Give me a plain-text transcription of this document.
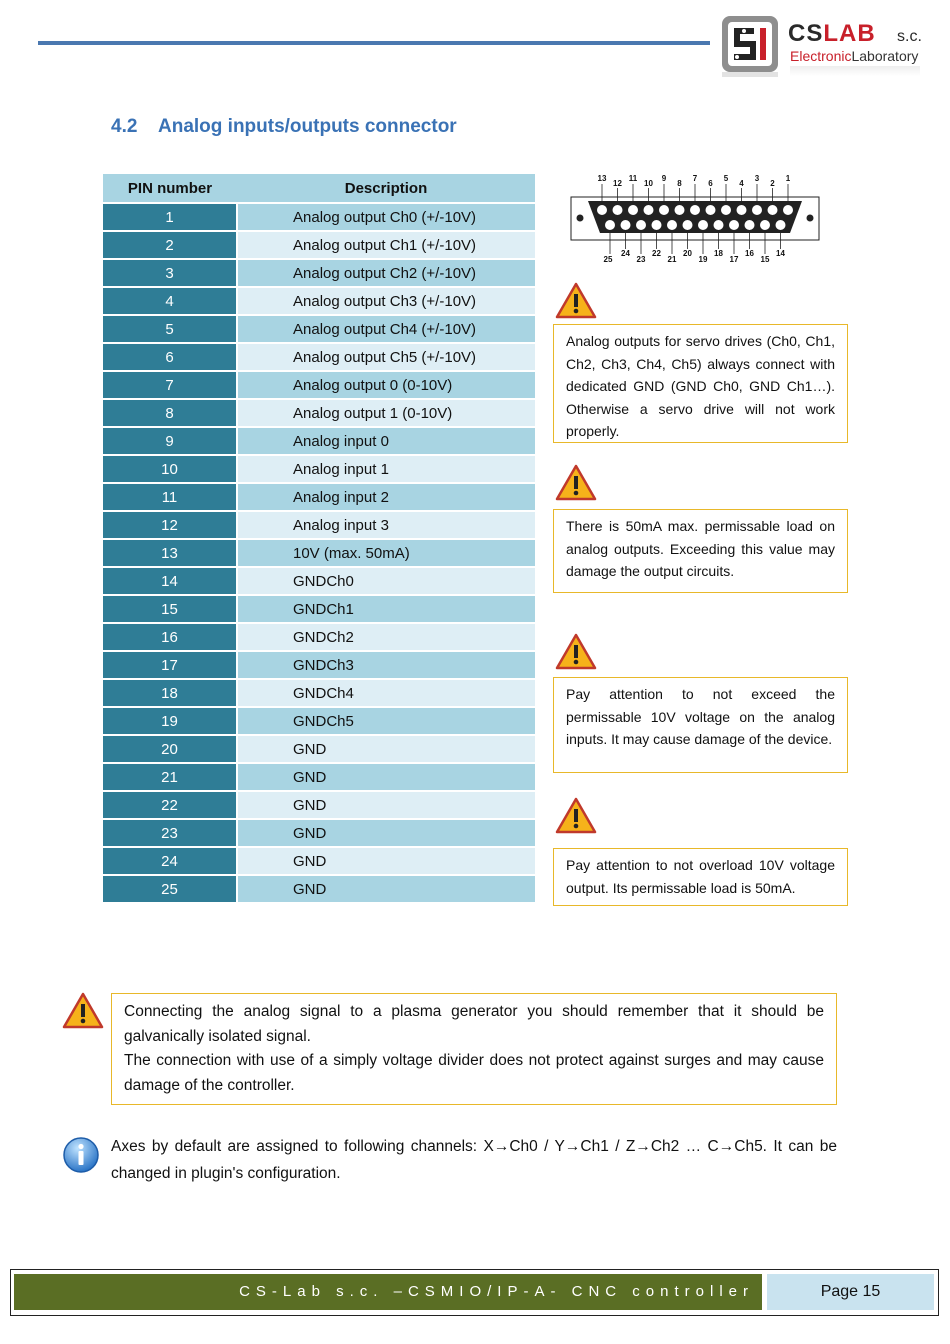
CSLAB s.c.
ElectronicLaboratory
4.2 Analog inputs/outputs connector
PIN number	Description
1	Analog output Ch0 (+/-10V)
2	Analog output Ch1 (+/-10V)
3	Analog output Ch2 (+/-10V)
4	Analog output Ch3 (+/-10V)
5	Analog output Ch4 (+/-10V)
6	Analog output Ch5 (+/-10V)
7	Analog output 0 (0-10V)
8	Analog output 1 (0-10V)
9	Analog input 0
10	Analog input 1
11	Analog input 2
12	Analog input 3
13	10V (max. 50mA)
14	GNDCh0
15	GNDCh1
16	GNDCh2
17	GNDCh3
18	GNDCh4
19	GNDCh5
20	GND
21	GND
22	GND
23	GND
24	GND
25	GND
13
12
11
10
9
8
7
6
5
4
3
2
1
25
24
23
22
21
20
19
18
17
16
15
14
Analog outputs for servo drives (Ch0, Ch1, Ch2, Ch3, Ch4, Ch5) always connect with dedicated GND (GND Ch0, GND Ch1…). Otherwise a servo drive will not work properly.
There is 50mA max. permissable load on analog outputs. Exceeding this value may damage the output circuits.
Pay attention to not exceed the permissable 10V voltage on the analog inputs. It may cause damage of the device.
Pay attention to not overload 10V voltage output. Its permissable load is 50mA.
Connecting the analog signal to a plasma generator you should remember that it should be galvanically isolated signal.
The connection with use of a simply voltage divider does not protect against surges and may cause damage of the controller.
Axes by default are assigned to following channels: X→Ch0 / Y→Ch1 / Z→Ch2 … C→Ch5. It can be changed in plugin's configuration.
CS-Lab s.c. –CSMIO/IP-A- CNC controller	Page 15
